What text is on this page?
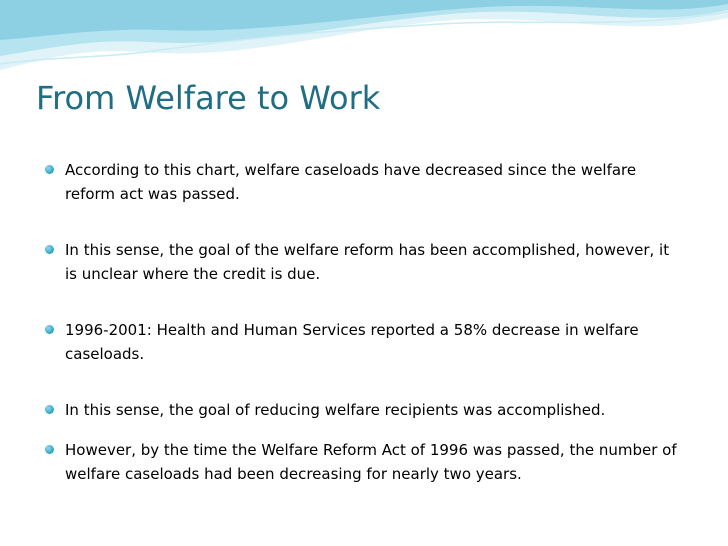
From Welfare to Work
According to this chart, welfare caseloads have decreased since the welfare reform act was passed.
In this sense, the goal of the welfare reform has been accomplished, however, it is unclear where the credit is due.
1996-2001: Health and Human Services reported a 58% decrease in welfare caseloads.
In this sense, the goal of reducing welfare recipients was accomplished.
However, by the time the Welfare Reform Act of 1996 was passed, the number of welfare caseloads had been decreasing for nearly two years.
